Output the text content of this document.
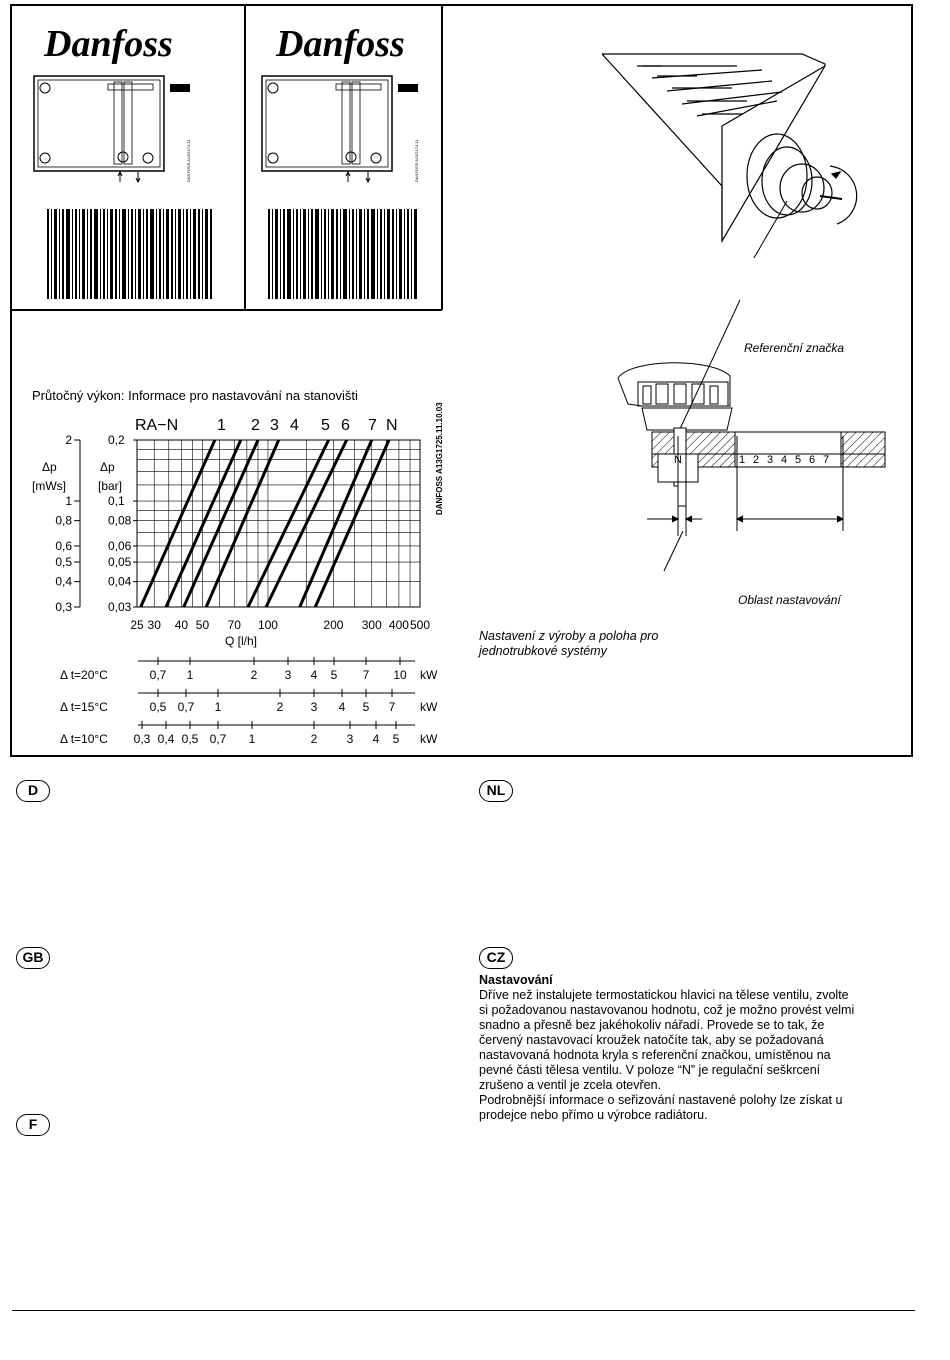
Danfoss
DANFOSS A13G174.11
Danfoss
DANFOSS A13G174.11
Průtočný výkon: Informace pro nastavování na stanovišti
RA−N 1 2 3 4 5 6 7 N
Δp	Δp
[mWs]	[bar]
2	0,2
1	0,1
0,8	0,08
0,6	0,06
0,5	0,05
0,4	0,04
0,3	0,03
25 30 40 50 70 100	200 300 400 500
Q [l/h]
DANFOSS A13G1725.11.10.03
Δ t=20°C	0,7 1	2 3 4 5 7 10 kW
Δ t=15°C	0,5 0,7 1	2 3 4 5 7 kW
Δ t=10°C 0,3 0,4 0,5 0,7 1	2 3 4 5 kW
Referenční značka
N	1 2 3 4 5 6 7
Oblast nastavování
Nastavení z výroby a poloha pro jednotrubkové systémy
D	NL
GB	CZ
F
Nastavování
Dříve než instalujete termostatickou hlavici na tělese ventilu, zvolte
si požadovanou nastavovanou hodnotu, což je možno provést velmi
snadno a přesně bez jakéhokoliv nářadí. Provede se to tak, že
červený nastavovací kroužek natočíte tak, aby se požadovaná
nastavovaná hodnota kryla s referenční značkou, umístěnou na
pevné části tělesa ventilu. V poloze “N” je regulační seškrcení
zrušeno a ventil je zcela otevřen.
Podrobnější informace o seřizování nastavené polohy lze získat u
prodejce nebo přímo u výrobce radiátoru.
